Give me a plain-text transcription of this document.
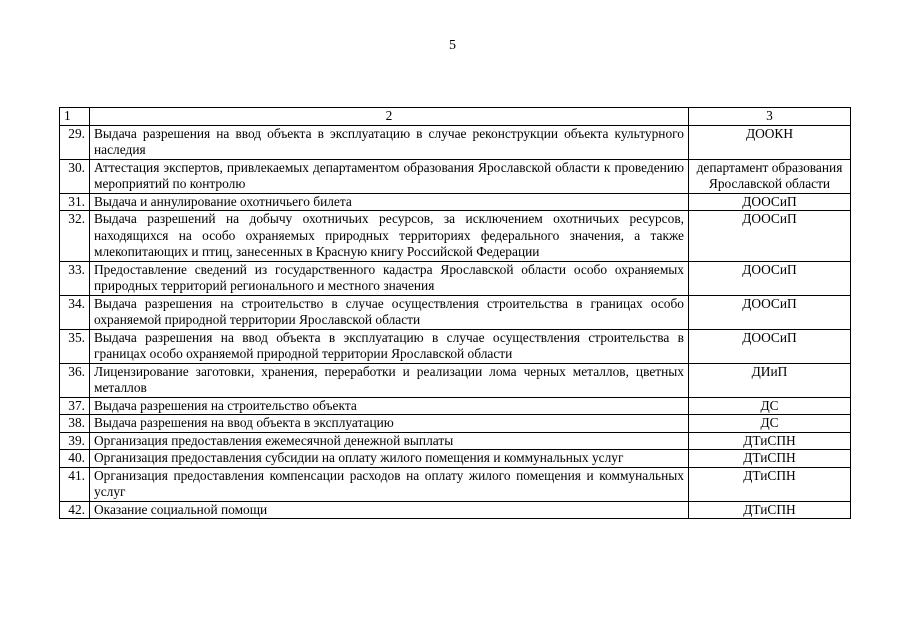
5
1	2	3
29.	Выдача разрешения на ввод объекта в эксплуатацию в случае реконструкции объекта культурного наследия	ДООКН
30.	Аттестация экспертов, привлекаемых департаментом образования Ярославской области к проведению мероприятий по контролю	департамент образования Ярославской области
31.	Выдача и аннулирование охотничьего билета	ДООСиП
32.	Выдача разрешений на добычу охотничьих ресурсов, за исключением охотничьих ресурсов, находящихся на особо охраняемых природных территориях федерального значения, а также млекопитающих и птиц, занесенных в Красную книгу Российской Федерации	ДООСиП
33.	Предоставление сведений из государственного кадастра Ярославской области особо охраняемых природных территорий регионального и местного значения	ДООСиП
34.	Выдача разрешения на строительство в случае осуществления строительства в границах особо охраняемой природной территории Ярославской области	ДООСиП
35.	Выдача разрешения на ввод объекта в эксплуатацию в случае осуществления строительства в границах особо охраняемой природной территории Ярославской области	ДООСиП
36.	Лицензирование заготовки, хранения, переработки и реализации лома черных металлов, цветных металлов	ДИиП
37.	Выдача разрешения на строительство объекта	ДС
38.	Выдача разрешения на ввод объекта в эксплуатацию	ДС
39.	Организация предоставления ежемесячной денежной выплаты	ДТиСПН
40.	Организация предоставления субсидии на оплату жилого помещения и коммунальных услуг	ДТиСПН
41.	Организация предоставления компенсации расходов на оплату жилого помещения и коммунальных услуг	ДТиСПН
42.	Оказание социальной помощи	ДТиСПН
